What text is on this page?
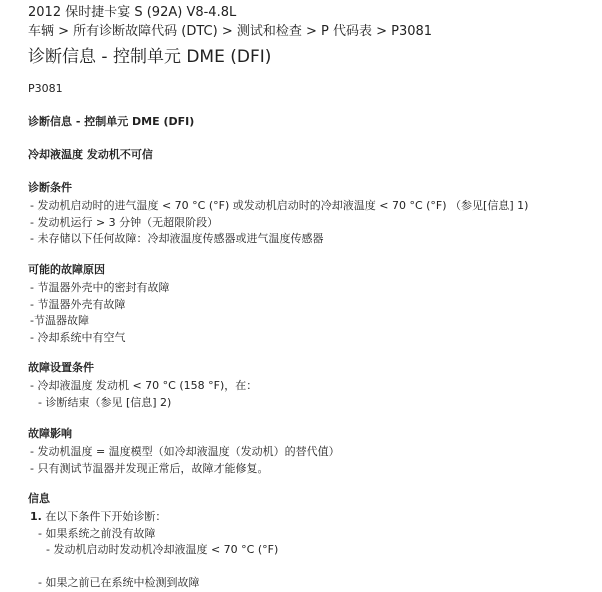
2012 保时捷卡宴 S (92A) V8-4.8L
车辆 > 所有诊断故障代码 (DTC) > 测试和检查 > P 代码表 > P3081
诊断信息 - 控制单元 DME (DFI)
P3081
诊断信息 - 控制单元 DME (DFI)
冷却液温度 发动机不可信
诊断条件
- 发动机启动时的进气温度 < 70 °C (°F) 或发动机启动时的冷却液温度 < 70 °C (°F) （参见[信息] 1)
- 发动机运行 > 3 分钟（无超限阶段）
- 未存储以下任何故障：冷却液温度传感器或进气温度传感器
可能的故障原因
- 节温器外壳中的密封有故障
- 节温器外壳有故障
-节温器故障
- 冷却系统中有空气
故障设置条件
- 冷却液温度 发动机 < 70 °C (158 °F)，在：
- 诊断结束（参见 [信息] 2)
故障影响
- 发动机温度 = 温度模型（如冷却液温度（发动机）的替代值）
- 只有测试节温器并发现正常后，故障才能修复。
信息
1. 在以下条件下开始诊断：
- 如果系统之前没有故障
- 发动机启动时发动机冷却液温度 < 70 °C (°F)
- 如果之前已在系统中检测到故障
